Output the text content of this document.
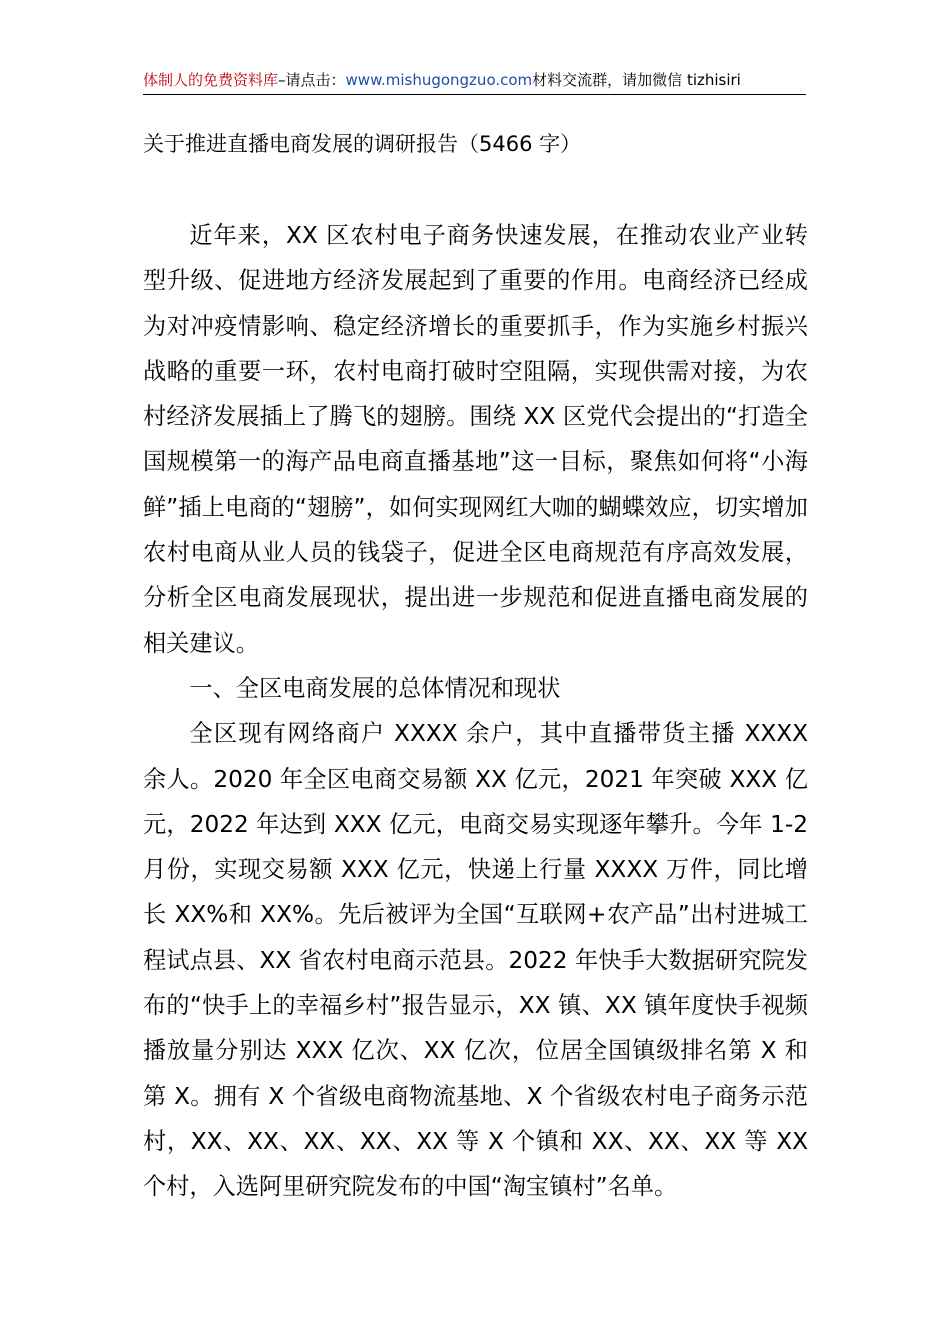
体制人的免费资料库–请点击：www.mishugongzuo.com材料交流群，请加微信 tizhisiri
关于推进直播电商发展的调研报告（5466 字）

近年来，XX 区农村电子商务快速发展，在推动农业产业转型升级、促进地方经济发展起到了重要的作用。电商经济已经成为对冲疫情影响、稳定经济增长的重要抓手，作为实施乡村振兴战略的重要一环，农村电商打破时空阻隔，实现供需对接，为农村经济发展插上了腾飞的翅膀。围绕 XX 区党代会提出的“打造全国规模第一的海产品电商直播基地”这一目标，聚焦如何将“小海鲜”插上电商的“翅膀”，如何实现网红大咖的蝴蝶效应，切实增加农村电商从业人员的钱袋子，促进全区电商规范有序高效发展，分析全区电商发展现状，提出进一步规范和促进直播电商发展的相关建议。

一、全区电商发展的总体情况和现状

全区现有网络商户 XXXX 余户，其中直播带货主播 XXXX 余人。2020 年全区电商交易额 XX 亿元，2021 年突破 XXX 亿元，2022 年达到 XXX 亿元，电商交易实现逐年攀升。今年 1-2 月份，实现交易额 XXX 亿元，快递上行量 XXXX 万件，同比增长 XX%和 XX%。先后被评为全国“互联网+农产品”出村进城工程试点县、XX 省农村电商示范县。2022 年快手大数据研究院发布的“快手上的幸福乡村”报告显示，XX 镇、XX 镇年度快手视频播放量分别达 XXX 亿次、XX 亿次，位居全国镇级排名第 X 和第 X。拥有 X 个省级电商物流基地、X 个省级农村电子商务示范村，XX、XX、XX、XX、XX 等 X 个镇和 XX、XX、XX 等 XX 个村，入选阿里研究院发布的中国“淘宝镇村”名单。
